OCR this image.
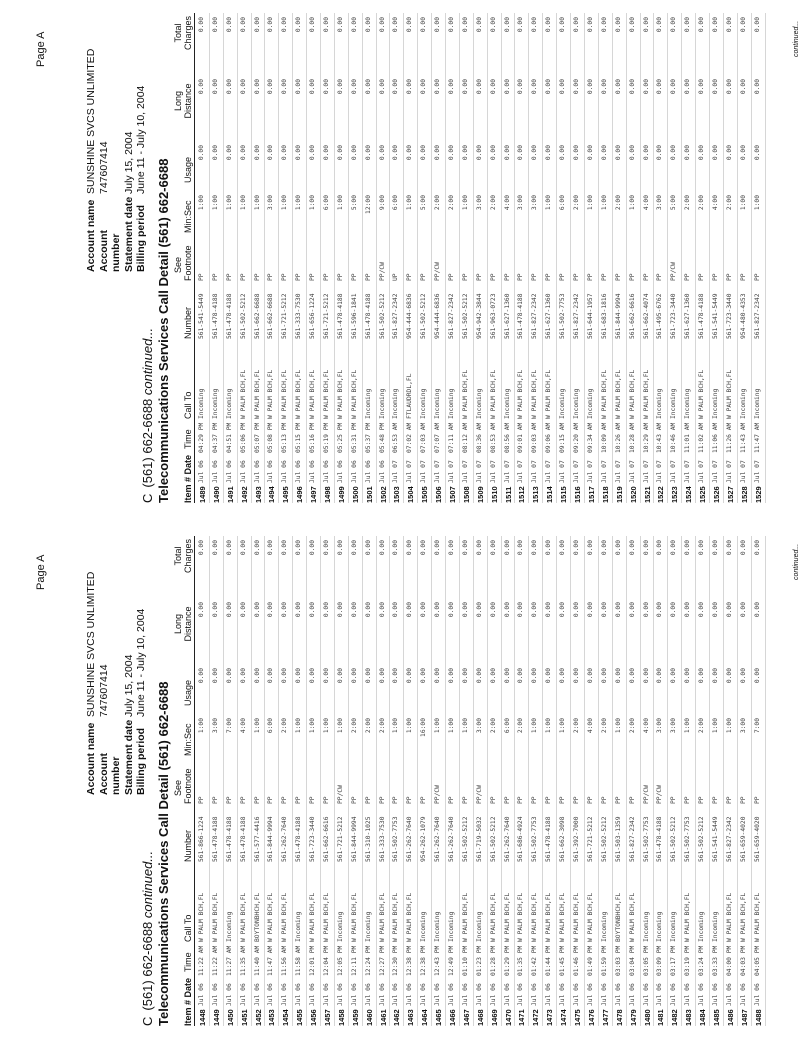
Page A
Account name
SUNSHINE SVCS UNLIMITED
Account number
747607414
Statement date
July 15, 2004
Billing period
June 11 - July 10, 2004
C(561) 662-6688 continued... Telecommunications Services Call Detail (561) 662-6688 Item # Date
Time
Call To
Number
See
Footnote
Min:Sec
Usage
Long
Distance
Total
Charges
1448
Jul 06
11:22 AM
W PALM BCH,FL
561-866-1224
PP
1:00
0.00
0.00
0.00
1449
Jul 06
11:22 AM
W PALM BCH,FL
561-478-4188
PP
3:00
0.00
0.00
0.00
1450
Jul 06
11:27 AM
Incoming
561-478-4188
PP
7:00
0.00
0.00
0.00
1451
Jul 06
11:35 AM
W PALM BCH,FL
561-478-4188
PP
4:00
0.00
0.00
0.00
1452
Jul 06
11:40 AM
BOYTONBHCH,FL
561-577-4416
PP
1:00
0.00
0.00
0.00
1453
Jul 06
11:47 AM
W PALM BCH,FL
561-844-9994
PP
6:00
0.00
0.00
0.00
1454
Jul 06
11:56 AM
W PALM BCH,FL
561-262-7640
PP
2:00
0.00
0.00
0.00
1455
Jul 06
11:58 AM
Incoming
561-478-4188
PP
1:00
0.00
0.00
0.00
1456
Jul 06
12:01 PM
W PALM BCH,FL
561-723-3440
PP
1:00
0.00
0.00
0.00
1457
Jul 06
12:04 PM
W PALM BCH,FL
561-662-6616
PP
1:00
0.00
0.00
0.00
1458
Jul 06
12:05 PM
Incoming
561-721-5212
PP/CW
1:00
0.00
0.00
0.00
1459
Jul 06
12:11 PM
W PALM BCH,FL
561-844-9994
PP
2:00
0.00
0.00
0.00
1460
Jul 06
12:24 PM
Incoming
561-310-1025
PP
2:00
0.00
0.00
0.00
1461
Jul 06
12:27 PM
W PALM BCH,FL
561-333-7530
PP
2:00
0.00
0.00
0.00
1462
Jul 06
12:30 PM
W PALM BCH,FL
561-502-7753
PP
1:00
0.00
0.00
0.00
1463
Jul 06
12:38 PM
W PALM BCH,FL
561-262-7640
PP
1:00
0.00
0.00
0.00
1464
Jul 06
12:38 PM
Incoming
954-262-1079
PP
16:00
0.00
0.00
0.00
1465
Jul 06
12:43 PM
Incoming
561-262-7640
PP/CW
1:00
0.00
0.00
0.00
1466
Jul 06
12:49 PM
Incoming
561-262-7640
PP
1:00
0.00
0.00
0.00
1467
Jul 06
01:10 PM
W PALM BCH,FL
561-502-5212
PP
1:00
0.00
0.00
0.00
1468
Jul 06
01:23 PM
Incoming
561-719-5032
PP/CW
3:00
0.00
0.00
0.00
1469
Jul 06
01:28 PM
W PALM BCH,FL
561-502-5212
PP
2:00
0.00
0.00
0.00
1470
Jul 06
01:29 PM
W PALM BCH,FL
561-262-7640
PP
6:00
0.00
0.00
0.00
1471
Jul 06
01:35 PM
W PALM BCH,FL
561-686-4924
PP
2:00
0.00
0.00
0.00
1472
Jul 06
01:42 PM
W PALM BCH,FL
561-502-7753
PP
1:00
0.00
0.00
0.00
1473
Jul 06
01:44 PM
W PALM BCH,FL
561-478-4188
PP
1:00
0.00
0.00
0.00
1474
Jul 06
01:45 PM
W PALM BCH,FL
561-662-3098
PP
1:00
0.00
0.00
0.00
1475
Jul 06
01:46 PM
W PALM BCH,FL
561-392-7000
PP
2:00
0.00
0.00
0.00
1476
Jul 06
01:49 PM
W PALM BCH,FL
561-721-5212
PP
4:00
0.00
0.00
0.00
1477
Jul 06
01:59 PM
Incoming
561-502-5212
PP
2:00
0.00
0.00
0.00
1478
Jul 06
03:03 PM
BOYTONBHCH,FL
561-503-1359
PP
1:00
0.00
0.00
0.00
1479
Jul 06
03:04 PM
W PALM BCH,FL
561-827-2342
PP
2:00
0.00
0.00
0.00
1480
Jul 06
03:05 PM
Incoming
561-502-7753
PP/CW
4:00
0.00
0.00
0.00
1481
Jul 06
03:09 PM
Incoming
561-478-4188
PP/CW
3:00
0.00
0.00
0.00
1482
Jul 06
03:17 PM
Incoming
561-502-5212
PP
3:00
0.00
0.00
0.00
1483
Jul 06
03:19 PM
W PALM BCH,FL
561-502-7753
PP
1:00
0.00
0.00
0.00
1484
Jul 06
03:24 PM
Incoming
561-502-5212
PP
2:00
0.00
0.00
0.00
1485
Jul 06
03:33 PM
Incoming
561-541-5449
PP
1:00
0.00
0.00
0.00
1486
Jul 06
04:00 PM
W PALM BCH,FL
561-827-2342
PP
1:00
0.00
0.00
0.00
1487
Jul 06
04:03 PM
W PALM BCH,FL
561-659-4020
PP
3:00
0.00
0.00
0.00
1488
Jul 06
04:05 PM
W PALM BCH,FL
561-659-4020
PP
7:00
0.00
0.00
0.00	continued...
Page A
Account name
SUNSHINE SVCS UNLIMITED
Account number
747607414
Statement date
July 15, 2004
Billing period
June 11 - July 10, 2004
C(561) 662-6688 continued... Telecommunications Services Call Detail (561) 662-6688 Item # Date
Time
Call To
Number
See
Footnote
Min:Sec
Usage
Long
Distance
Total
Charges
1489
Jul 06
04:29 PM
Incoming
561-541-5449
PP
1:00
0.00
0.00
0.00
1490
Jul 06
04:37 PM
Incoming
561-478-4188
PP
1:00
0.00
0.00
0.00
1491
Jul 06
04:51 PM
Incoming
561-478-4188
PP
1:00
0.00
0.00
0.00
1492
Jul 06
05:06 PM
W PALM BCH,FL
561-502-5212
PP
1:00
0.00
0.00
0.00
1493
Jul 06
05:07 PM
W PALM BCH,FL
561-662-6688
PP
1:00
0.00
0.00
0.00
1494
Jul 06
05:08 PM
W PALM BCH,FL
561-662-6688
PP
3:00
0.00
0.00
0.00
1495
Jul 06
05:13 PM
W PALM BCH,FL
561-721-5212
PP
1:00
0.00
0.00
0.00
1496
Jul 06
05:15 PM
W PALM BCH,FL
561-333-7530
PP
1:00
0.00
0.00
0.00
1497
Jul 06
05:16 PM
W PALM BCH,FL
561-656-1224
PP
1:00
0.00
0.00
0.00
1498
Jul 06
05:19 PM
W PALM BCH,FL
561-721-5212
PP
6:00
0.00
0.00
0.00
1499
Jul 06
05:25 PM
W PALM BCH,FL
561-478-4188
PP
1:00
0.00
0.00
0.00
1500
Jul 06
05:31 PM
W PALM BCH,FL
561-596-1841
PP
5:00
0.00
0.00
0.00
1501
Jul 06
05:37 PM
Incoming
561-478-4188
PP
12:00
0.00
0.00
0.00
1502
Jul 06
05:48 PM
Incoming
561-502-5212
PP/CW
9:00
0.00
0.00
0.00
1503
Jul 07
06:53 AM
Incoming
561-827-2342
UP
6:00
0.00
0.00
0.00
1504
Jul 07
07:02 AM
FTLAUDRDL,FL
954-444-6836
PP
1:00
0.00
0.00
0.00
1505
Jul 07
07:03 AM
Incoming
561-502-5212
PP
5:00
0.00
0.00
0.00
1506
Jul 07
07:07 AM
Incoming
954-444-6836
PP/CW
2:00
0.00
0.00
0.00
1507
Jul 07
07:11 AM
Incoming
561-827-2342
PP
2:00
0.00
0.00
0.00
1508
Jul 07
08:12 AM
W PALM BCH,FL
561-502-5212
PP
1:00
0.00
0.00
0.00
1509
Jul 07
08:36 AM
Incoming
954-942-3844
PP
3:00
0.00
0.00
0.00
1510
Jul 07
08:53 AM
W PALM BCH,FL
561-963-0723
PP
2:00
0.00
0.00
0.00
1511
Jul 07
08:56 AM
Incoming
561-627-1360
PP
4:00
0.00
0.00
0.00
1512
Jul 07
09:01 AM
W PALM BCH,FL
561-478-4188
PP
3:00
0.00
0.00
0.00
1513
Jul 07
09:03 AM
W PALM BCH,FL
561-827-2342
PP
3:00
0.00
0.00
0.00
1514
Jul 07
09:06 AM
W PALM BCH,FL
561-627-1360
PP
1:00
0.00
0.00
0.00
1515
Jul 07
09:15 AM
Incoming
561-502-7753
PP
6:00
0.00
0.00
0.00
1516
Jul 07
09:20 AM
Incoming
561-827-2342
PP
2:00
0.00
0.00
0.00
1517
Jul 07
09:34 AM
Incoming
561-644-1957
PP
1:00
0.00
0.00
0.00
1518
Jul 07
10:09 AM
W PALM BCH,FL
561-683-1816
PP
1:00
0.00
0.00
0.00
1519
Jul 07
10:26 AM
W PALM BCH,FL
561-844-9994
PP
2:00
0.00
0.00
0.00
1520
Jul 07
10:28 AM
W PALM BCH,FL
561-662-6616
PP
1:00
0.00
0.00
0.00
1521
Jul 07
10:29 AM
W PALM BCH,FL
561-662-4074
PP
4:00
0.00
0.00
0.00
1522
Jul 07
10:43 AM
Incoming
561-495-6762
PP
3:00
0.00
0.00
0.00
1523
Jul 07
10:46 AM
Incoming
561-723-3440
PP/CW
5:00
0.00
0.00
0.00
1524
Jul 07
11:01 AM
Incoming
561-627-1360
PP
2:00
0.00
0.00
0.00
1525
Jul 07
11:02 AM
W PALM BCH,FL
561-478-4188
PP
2:00
0.00
0.00
0.00
1526
Jul 07
11:06 AM
Incoming
561-541-5449
PP
4:00
0.00
0.00
0.00
1527
Jul 07
11:26 AM
W PALM BCH,FL
561-723-3440
PP
2:00
0.00
0.00
0.00
1528
Jul 07
11:43 AM
Incoming
954-480-4353
PP
1:00
0.00
0.00
0.00
1529
Jul 07
11:47 AM
Incoming
561-827-2342
PP
1:00
0.00
0.00
0.00	continued...
